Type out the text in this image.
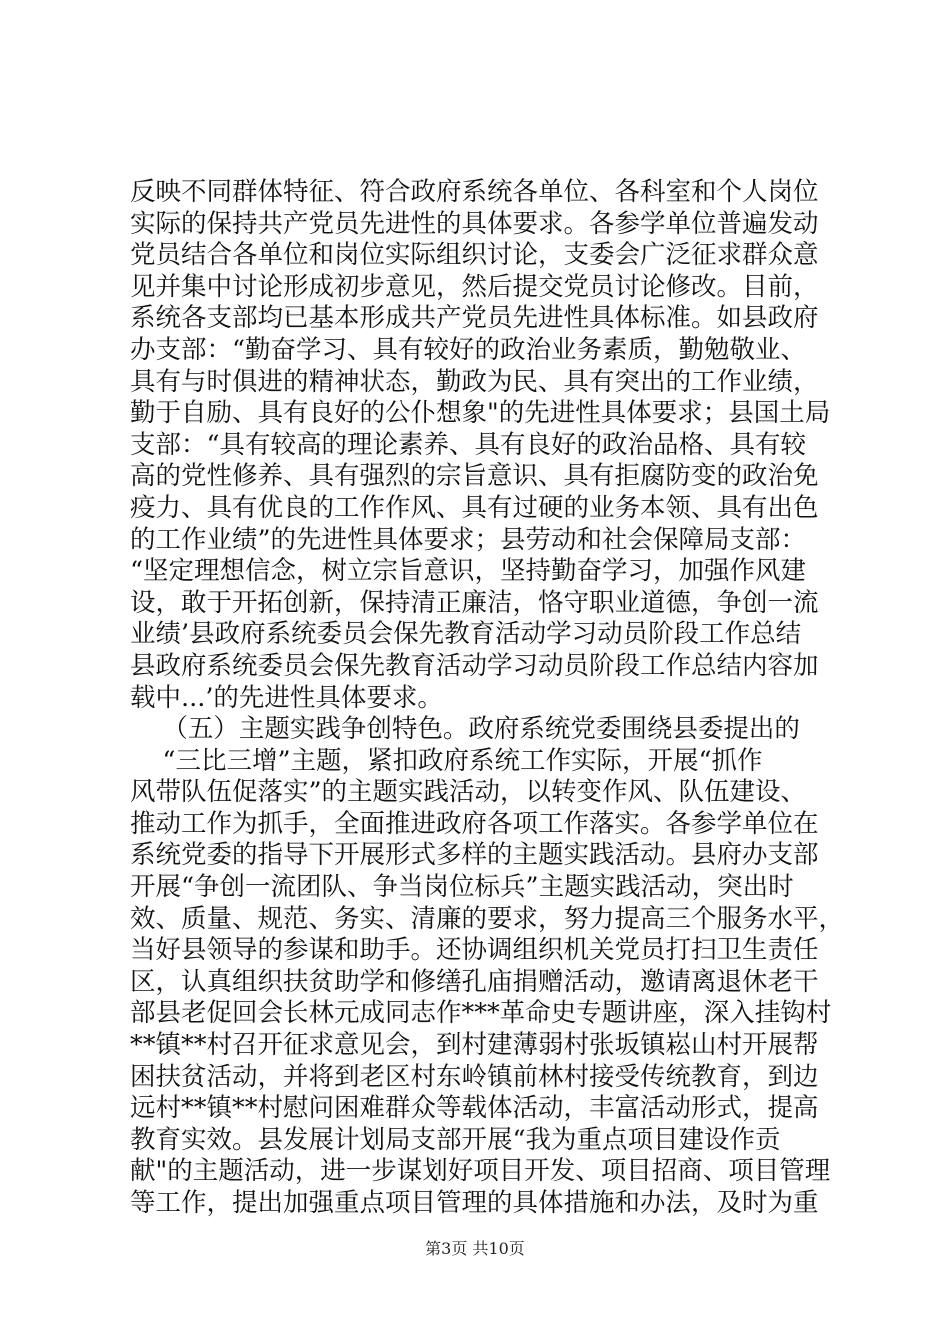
反映不同群体特征、符合政府系统各单位、各科室和个人岗位
实际的保持共产党员先进性的具体要求。各参学单位普遍发动
党员结合各单位和岗位实际组织讨论，支委会广泛征求群众意
见并集中讨论形成初步意见，然后提交党员讨论修改。目前，
系统各支部均已基本形成共产党员先进性具体标准。如县政府
办支部：“勤奋学习、具有较好的政治业务素质，勤勉敬业、
具有与时俱进的精神状态，勤政为民、具有突出的工作业绩，
勤于自励、具有良好的公仆想象"的先进性具体要求；县国土局
支部：“具有较高的理论素养、具有良好的政治品格、具有较
高的党性修养、具有强烈的宗旨意识、具有拒腐防变的政治免
疫力、具有优良的工作作风、具有过硬的业务本领、具有出色
的工作业绩”的先进性具体要求；县劳动和社会保障局支部：
“坚定理想信念，树立宗旨意识，坚持勤奋学习，加强作风建
设，敢于开拓创新，保持清正廉洁，恪守职业道德，争创一流
业绩’县政府系统委员会保先教育活动学习动员阶段工作总结
县政府系统委员会保先教育活动学习动员阶段工作总结内容加
载中...’的先进性具体要求。
（五）主题实践争创特色。政府系统党委围绕县委提出的
“三比三增”主题，紧扣政府系统工作实际，开展“抓作
风带队伍促落实”的主题实践活动，以转变作风、队伍建设、
推动工作为抓手，全面推进政府各项工作落实。各参学单位在
系统党委的指导下开展形式多样的主题实践活动。县府办支部
开展“争创一流团队、争当岗位标兵”主题实践活动，突出时
效、质量、规范、务实、清廉的要求，努力提高三个服务水平，
当好县领导的参谋和助手。还协调组织机关党员打扫卫生责任
区，认真组织扶贫助学和修缮孔庙捐赠活动，邀请离退休老干
部县老促回会长林元成同志作***革命史专题讲座，深入挂钩村
**镇**村召开征求意见会，到村建薄弱村张坂镇崧山村开展帮
困扶贫活动，并将到老区村东岭镇前林村接受传统教育，到边
远村**镇**村慰问困难群众等载体活动，丰富活动形式，提高
教育实效。县发展计划局支部开展“我为重点项目建设作贡
献"的主题活动，进一步谋划好项目开发、项目招商、项目管理
等工作，提出加强重点项目管理的具体措施和办法，及时为重
第3页 共10页
